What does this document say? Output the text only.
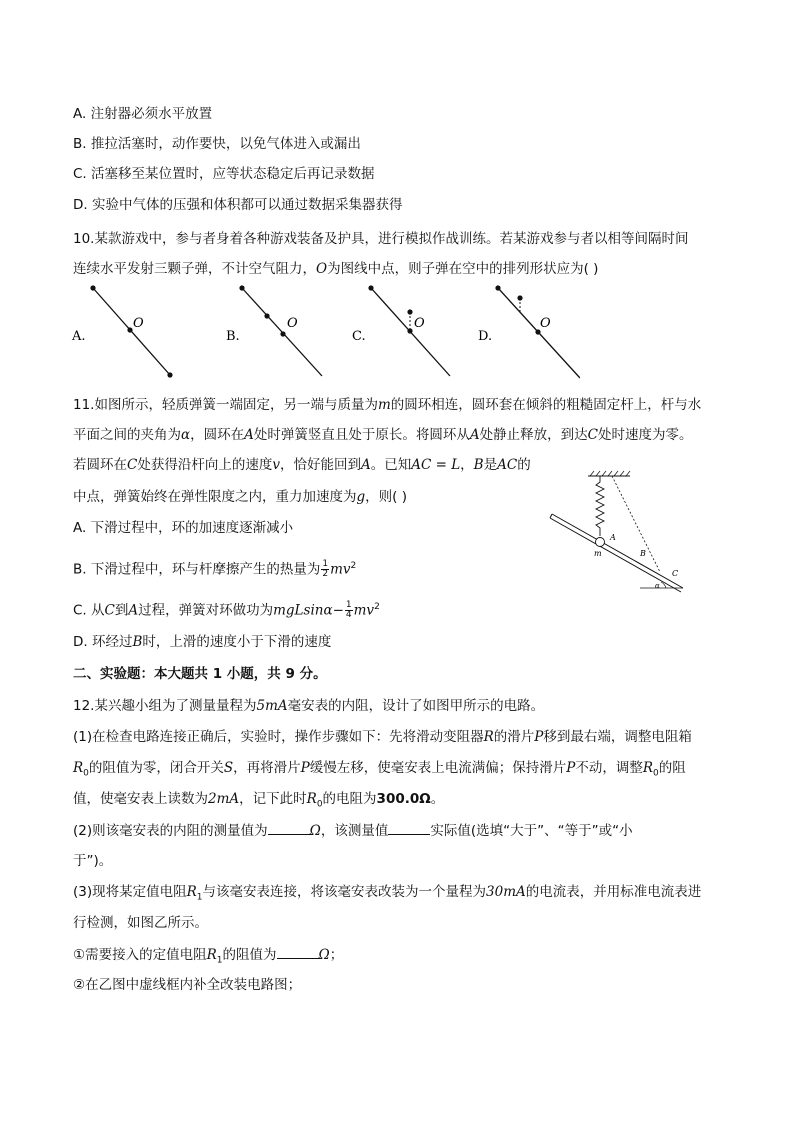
A. 注射器必须水平放置
B. 推拉活塞时，动作要快，以免气体进入或漏出
C. 活塞移至某位置时，应等状态稳定后再记录数据
D. 实验中气体的压强和体积都可以通过数据采集器获得
10.某款游戏中，参与者身着各种游戏装备及护具，进行模拟作战训练。若某游戏参与者以相等间隔时间
连续水平发射三颗子弹，不计空气阻力，O为图线中点，则子弹在空中的排列形状应为( )
O
A.
O
B.
O
C.
O
D.
11.如图所示，轻质弹簧一端固定，另一端与质量为m的圆环相连，圆环套在倾斜的粗糙固定杆上，杆与水
平面之间的夹角为α，圆环在A处时弹簧竖直且处于原长。将圆环从A处静止释放，到达C处时速度为零。
若圆环在C处获得沿杆向上的速度v，恰好能回到A。已知AC = L，B是AC的
中点，弹簧始终在弹性限度之内，重力加速度为g，则( )
A. 下滑过程中，环的加速度逐渐减小
B. 下滑过程中，环与杆摩擦产生的热量为 $\frac{1}{2} mv^2$
C. 从C到A过程，弹簧对环做功为$mgLsin\alpha- \frac{1}{4} mv^2$
D. 环经过B时，上滑的速度小于下滑的速度
A
B
C
m
α
二、实验题：本大题共 1 小题，共 9 分。
12.某兴趣小组为了测量量程为5mA毫安表的内阻，设计了如图甲所示的电路。
(1)在检查电路连接正确后，实验时，操作步骤如下：先将滑动变阻器R的滑片P移到最右端，调整电阻箱
$R_0$的阻值为零，闭合开关S，再将滑片P缓慢左移，使毫安表上电流满偏；保持滑片P不动，调整$R_0$的阻
值，使毫安表上读数为2mA，记下此时$R_0$的电阻为300.0Ω。
(2)则该毫安表的内阻的测量值为	Ω，该测量值	实际值(选填“大于”、“等于”或“小
于”)。
(3)现将某定值电阻$R_1$与该毫安表连接，将该毫安表改装为一个量程为30mA的电流表，并用标准电流表进
行检测，如图乙所示。
①需要接入的定值电阻$R_1$的阻值为	Ω；
②在乙图中虚线框内补全改装电路图；
